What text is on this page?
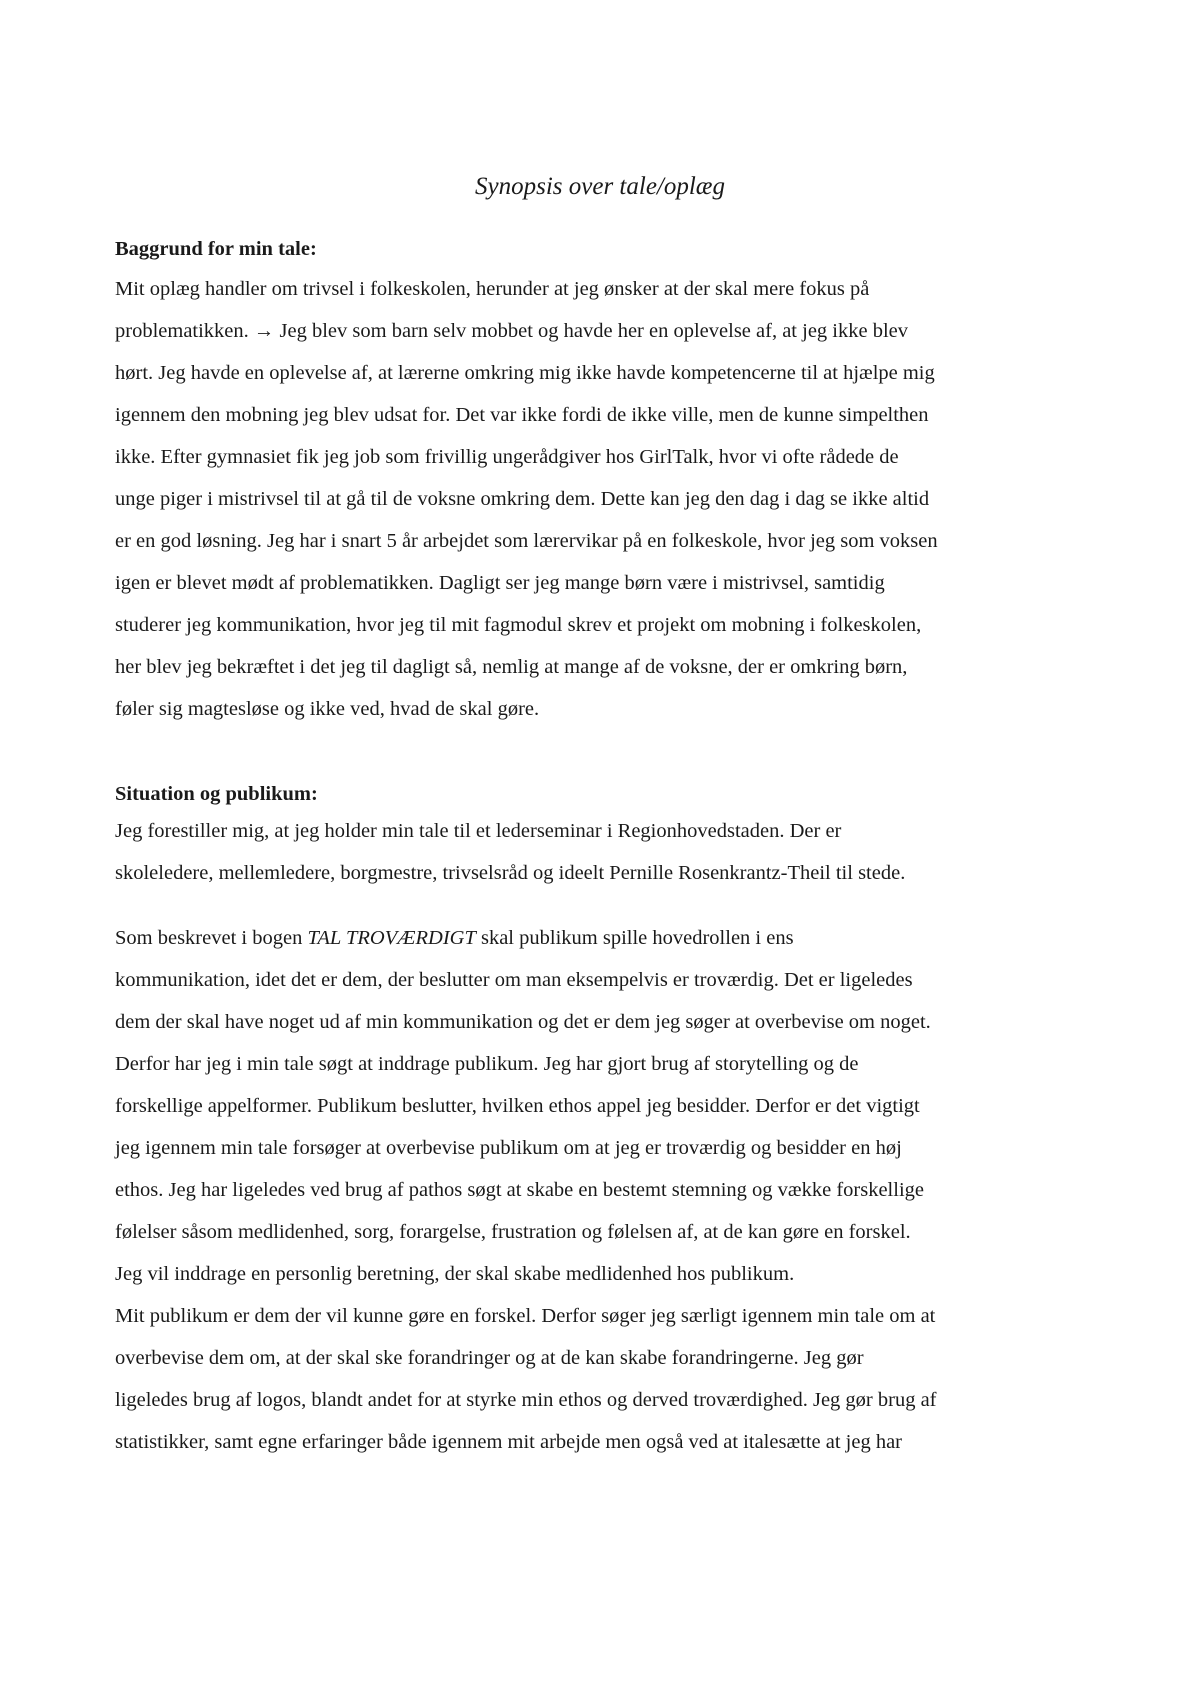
Synopsis over tale/oplæg

Baggrund for min tale:

Mit oplæg handler om trivsel i folkeskolen, herunder at jeg ønsker at der skal mere fokus på

problematikken. → Jeg blev som barn selv mobbet og havde her en oplevelse af, at jeg ikke blev

hørt. Jeg havde en oplevelse af, at lærerne omkring mig ikke havde kompetencerne til at hjælpe mig

igennem den mobning jeg blev udsat for. Det var ikke fordi de ikke ville, men de kunne simpelthen

ikke. Efter gymnasiet fik jeg job som frivillig ungerådgiver hos GirlTalk, hvor vi ofte rådede de

unge piger i mistrivsel til at gå til de voksne omkring dem. Dette kan jeg den dag i dag se ikke altid

er en god løsning. Jeg har i snart 5 år arbejdet som lærervikar på en folkeskole, hvor jeg som voksen

igen er blevet mødt af problematikken. Dagligt ser jeg mange børn være i mistrivsel, samtidig

studerer jeg kommunikation, hvor jeg til mit fagmodul skrev et projekt om mobning i folkeskolen,

her blev jeg bekræftet i det jeg til dagligt så, nemlig at mange af de voksne, der er omkring børn,

føler sig magtesløse og ikke ved, hvad de skal gøre.

Situation og publikum:

Jeg forestiller mig, at jeg holder min tale til et lederseminar i Regionhovedstaden. Der er

skoleledere, mellemledere, borgmestre, trivselsråd og ideelt Pernille Rosenkrantz-Theil til stede.

Som beskrevet i bogen TAL TROVÆRDIGT skal publikum spille hovedrollen i ens

kommunikation, idet det er dem, der beslutter om man eksempelvis er troværdig. Det er ligeledes

dem der skal have noget ud af min kommunikation og det er dem jeg søger at overbevise om noget.

Derfor har jeg i min tale søgt at inddrage publikum. Jeg har gjort brug af storytelling og de

forskellige appelformer. Publikum beslutter, hvilken ethos appel jeg besidder. Derfor er det vigtigt

jeg igennem min tale forsøger at overbevise publikum om at jeg er troværdig og besidder en høj

ethos. Jeg har ligeledes ved brug af pathos søgt at skabe en bestemt stemning og vække forskellige

følelser såsom medlidenhed, sorg, forargelse, frustration og følelsen af, at de kan gøre en forskel.

Jeg vil inddrage en personlig beretning, der skal skabe medlidenhed hos publikum.

Mit publikum er dem der vil kunne gøre en forskel. Derfor søger jeg særligt igennem min tale om at

overbevise dem om, at der skal ske forandringer og at de kan skabe forandringerne. Jeg gør

ligeledes brug af logos, blandt andet for at styrke min ethos og derved troværdighed. Jeg gør brug af

statistikker, samt egne erfaringer både igennem mit arbejde men også ved at italesætte at jeg har
